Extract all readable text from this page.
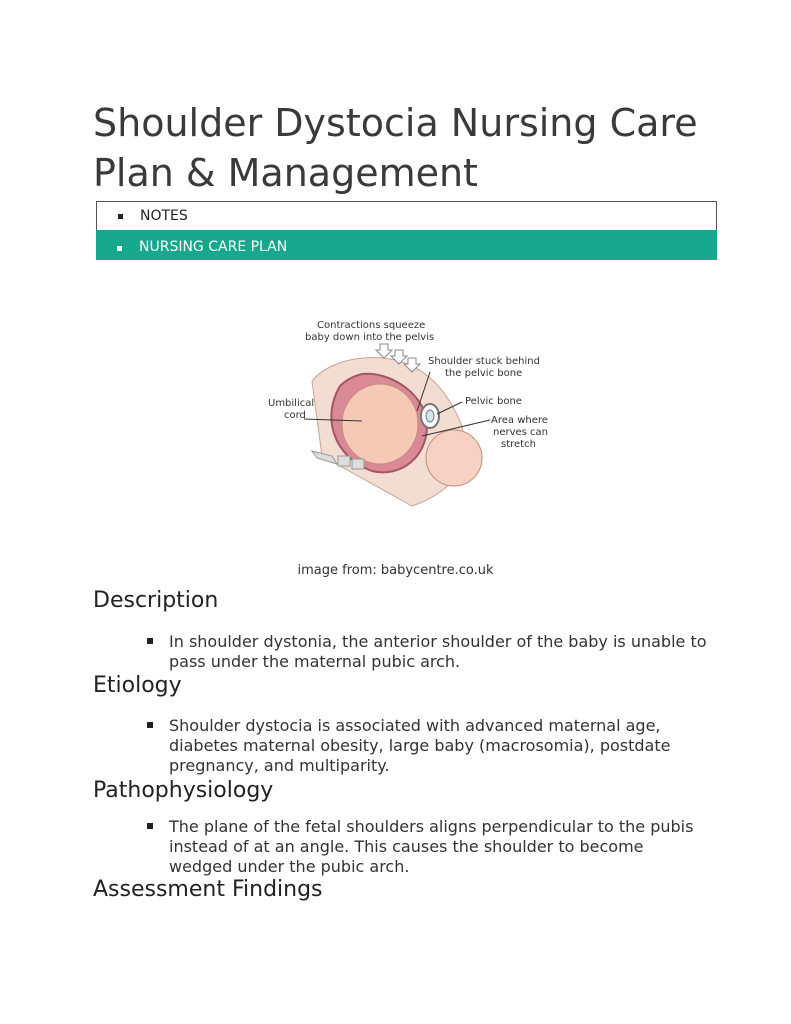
Shoulder Dystocia Nursing Care Plan & Management
NOTES
NURSING CARE PLAN
Contractions squeeze
baby down into the pelvis
Shoulder stuck behind
the pelvic bone
Umbilical
cord
Pelvic bone
Area where
nerves can
stretch
image from: babycentre.co.uk
Description

In shoulder dystonia, the anterior shoulder of the baby is unable to pass under the maternal pubic arch.

Etiology

Shoulder dystocia is associated with advanced maternal age, diabetes maternal obesity, large baby (macrosomia), postdate pregnancy, and multiparity.

Pathophysiology

The plane of the fetal shoulders aligns perpendicular to the pubis instead of at an angle. This causes the shoulder to become wedged under the pubic arch.

Assessment Findings
